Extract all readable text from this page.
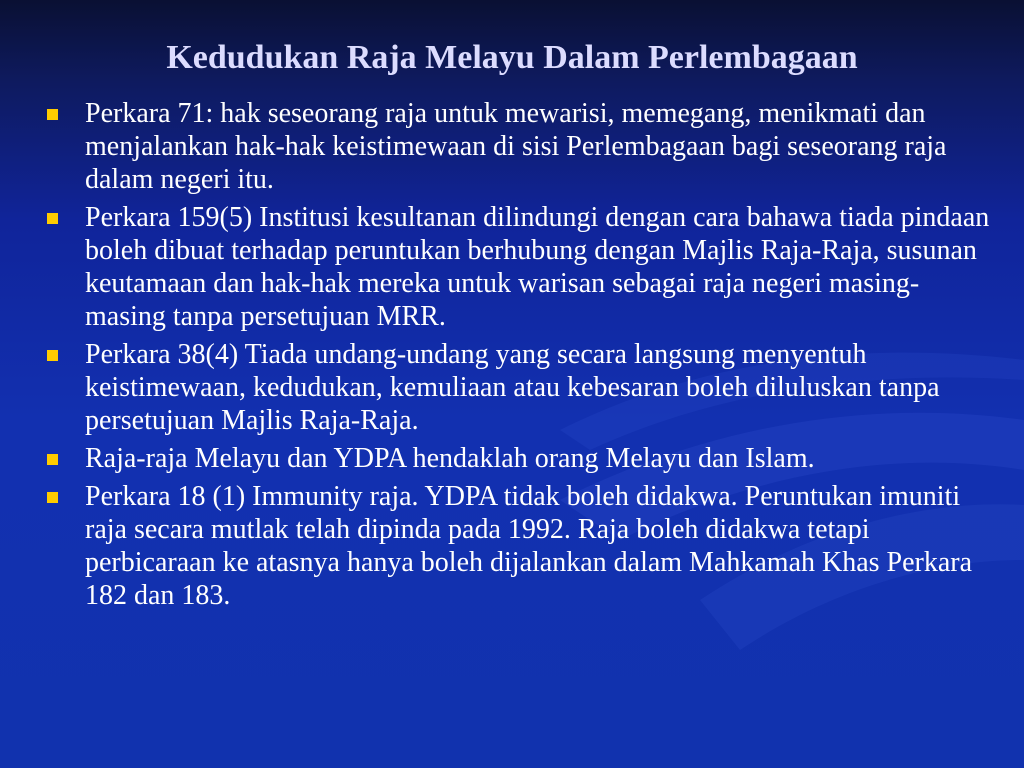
Kedudukan Raja Melayu Dalam Perlembagaan
Perkara 71: hak seseorang raja untuk mewarisi, memegang, menikmati dan menjalankan hak-hak keistimewaan di sisi Perlembagaan bagi seseorang raja dalam negeri itu.
Perkara 159(5) Institusi kesultanan dilindungi dengan cara bahawa tiada pindaan boleh dibuat terhadap peruntukan berhubung dengan Majlis Raja-Raja, susunan keutamaan dan hak-hak mereka untuk warisan sebagai raja negeri masing-masing tanpa persetujuan MRR.
Perkara 38(4) Tiada undang-undang yang secara langsung menyentuh keistimewaan, kedudukan, kemuliaan atau kebesaran boleh diluluskan tanpa persetujuan Majlis Raja-Raja.
Raja-raja Melayu dan YDPA hendaklah orang Melayu dan Islam.
Perkara 18 (1) Immunity raja. YDPA tidak boleh didakwa. Peruntukan imuniti raja secara mutlak telah dipinda pada 1992. Raja boleh didakwa tetapi perbicaraan ke atasnya hanya boleh dijalankan dalam Mahkamah Khas Perkara 182 dan 183.
